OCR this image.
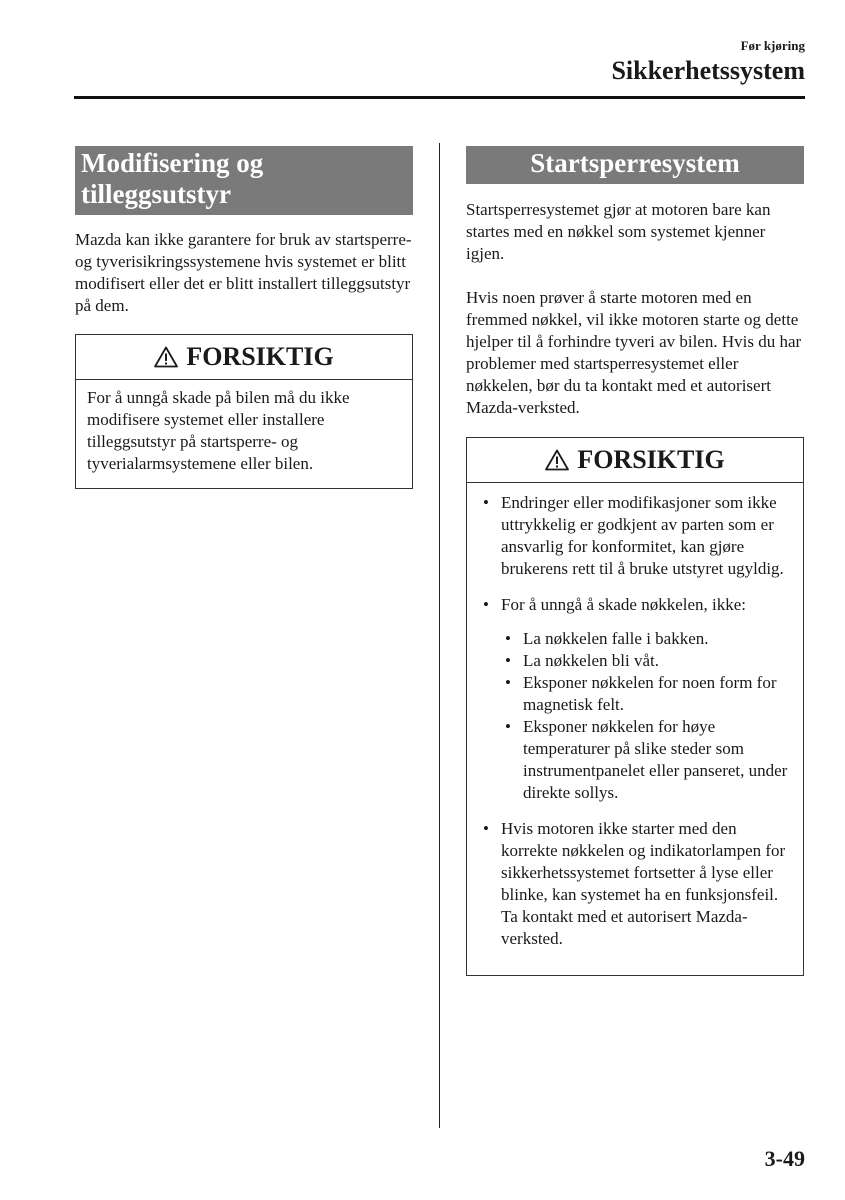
Før kjøring
Sikkerhetssystem
Modifisering og tilleggsutstyr
Mazda kan ikke garantere for bruk av startsperre- og tyverisikringssystemene hvis systemet er blitt modifisert eller det er blitt installert tilleggsutstyr på dem.
FORSIKTIG
For å unngå skade på bilen må du ikke modifisere systemet eller installere tilleggsutstyr på startsperre- og tyverialarmsystemene eller bilen.
Startsperresystem
Startsperresystemet gjør at motoren bare kan startes med en nøkkel som systemet kjenner igjen.
Hvis noen prøver å starte motoren med en fremmed nøkkel, vil ikke motoren starte og dette hjelper til å forhindre tyveri av bilen. Hvis du har problemer med startsperresystemet eller nøkkelen, bør du ta kontakt med et autorisert Mazda-verksted.
FORSIKTIG
• Endringer eller modifikasjoner som ikke uttrykkelig er godkjent av parten som er ansvarlig for konformitet, kan gjøre brukerens rett til å bruke utstyret ugyldig.
• For å unngå å skade nøkkelen, ikke:
• La nøkkelen falle i bakken.
• La nøkkelen bli våt.
• Eksponer nøkkelen for noen form for magnetisk felt.
• Eksponer nøkkelen for høye temperaturer på slike steder som instrumentpanelet eller panseret, under direkte sollys.
• Hvis motoren ikke starter med den korrekte nøkkelen og indikatorlampen for sikkerhetssystemet fortsetter å lyse eller blinke, kan systemet ha en funksjonsfeil. Ta kontakt med et autorisert Mazda-verksted.
3-49
